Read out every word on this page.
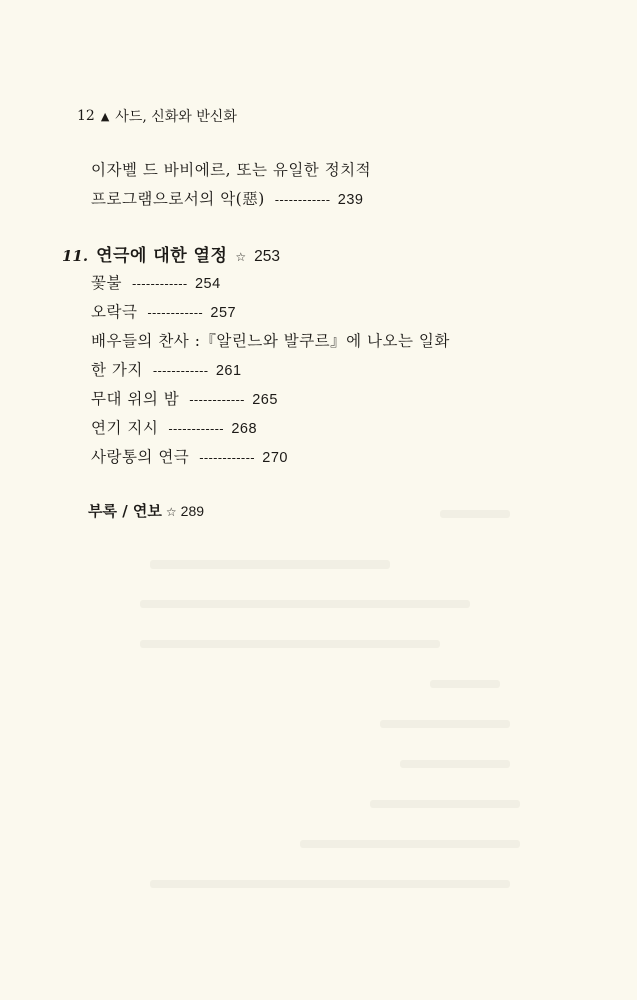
12 ▲ 사드, 신화와 반신화
이자벨 드 바비에르, 또는 유일한 정치적
프로그램으로서의 악(惡) ------------ 239
11. 연극에 대한 열정 ☆ 253
꽃불 ------------ 254
오락극 ------------ 257
배우들의 찬사 :『알린느와 발쿠르』에 나오는 일화
한 가지 ------------ 261
무대 위의 밤 ------------ 265
연기 지시 ------------ 268
사랑통의 연극 ------------ 270
부록 / 연보 ☆ 289
